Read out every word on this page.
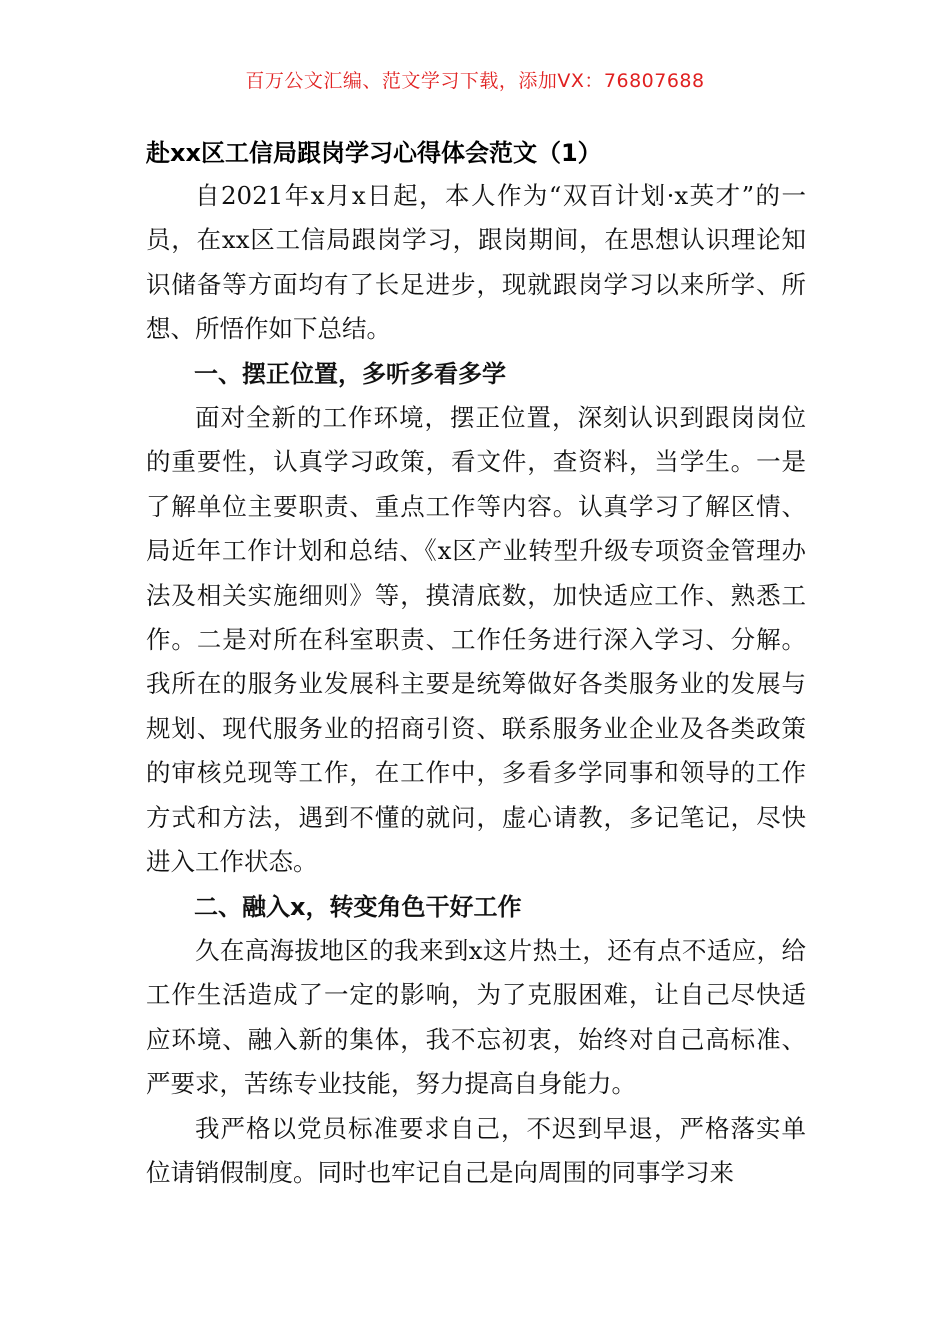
百万公文汇编、范文学习下载，添加VX：76807688
赴xx区工信局跟岗学习心得体会范文（1）

自2021年x月x日起，本人作为“双百计划·x英才”的一员，在xx区工信局跟岗学习，跟岗期间，在思想认识理论知识储备等方面均有了长足进步，现就跟岗学习以来所学、所想、所悟作如下总结。

一、摆正位置，多听多看多学

面对全新的工作环境，摆正位置，深刻认识到跟岗岗位的重要性，认真学习政策，看文件，查资料，当学生。一是了解单位主要职责、重点工作等内容。认真学习了解区情、局近年工作计划和总结、《x区产业转型升级专项资金管理办法及相关实施细则》等，摸清底数，加快适应工作、熟悉工作。二是对所在科室职责、工作任务进行深入学习、分解。我所在的服务业发展科主要是统筹做好各类服务业的发展与规划、现代服务业的招商引资、联系服务业企业及各类政策的审核兑现等工作，在工作中，多看多学同事和领导的工作方式和方法，遇到不懂的就问，虚心请教，多记笔记，尽快进入工作状态。

二、融入x，转变角色干好工作

久在高海拔地区的我来到x这片热土，还有点不适应，给工作生活造成了一定的影响，为了克服困难，让自己尽快适应环境、融入新的集体，我不忘初衷，始终对自己高标准、严要求，苦练专业技能，努力提高自身能力。

我严格以党员标准要求自己，不迟到早退，严格落实单位请销假制度。同时也牢记自己是向周围的同事学习来
